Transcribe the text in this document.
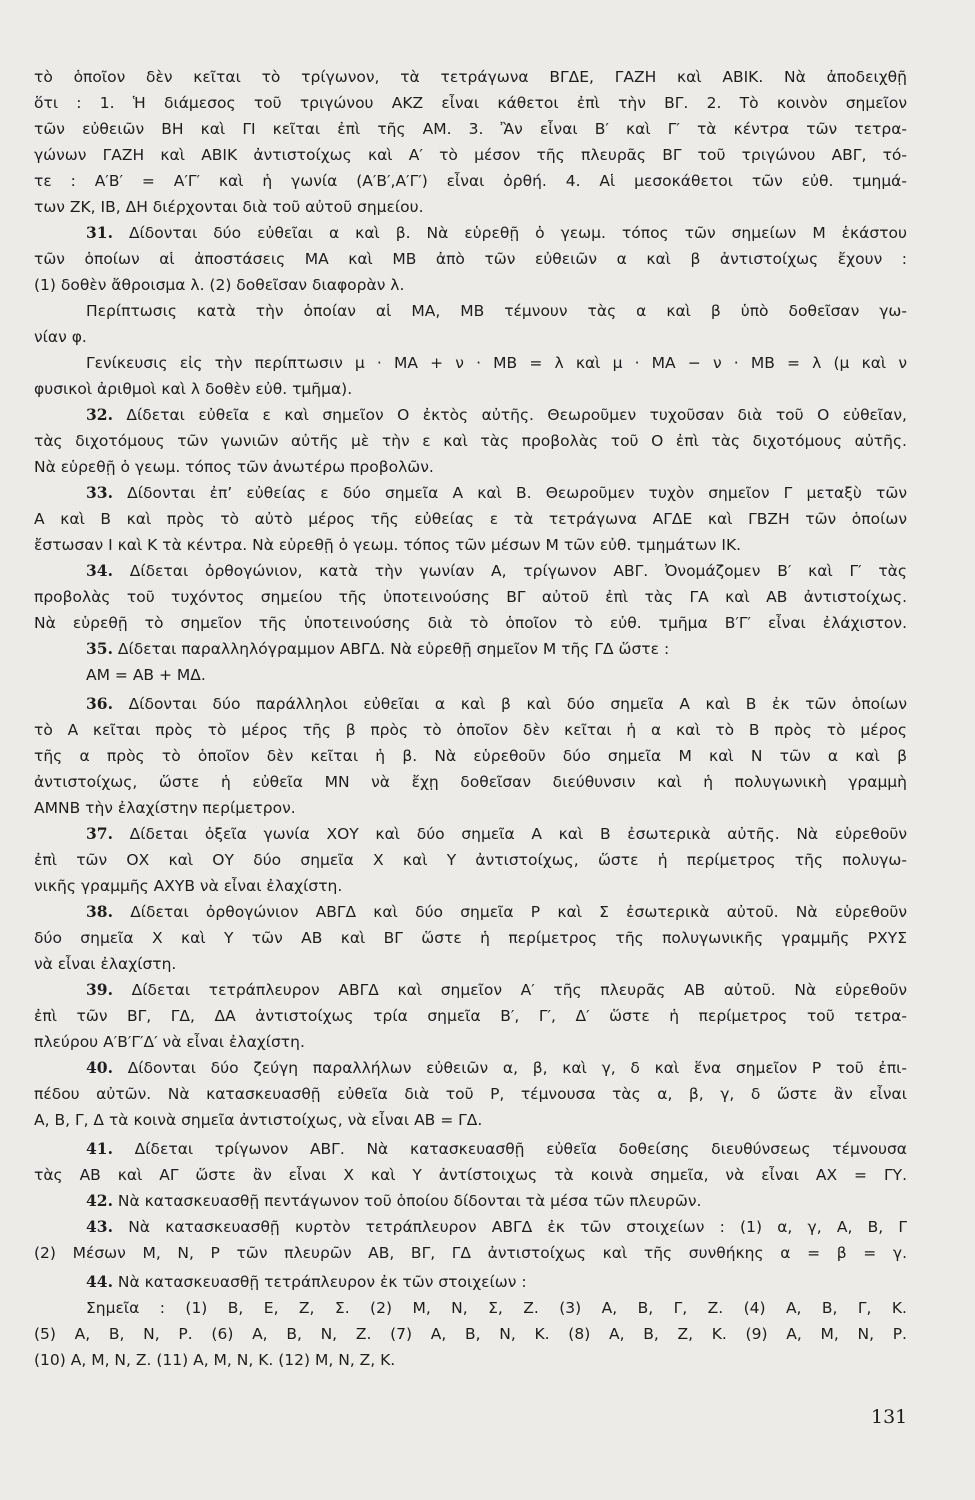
τὸ ὁποῖον δὲν κεῖται τὸ τρίγωνον, τὰ τετράγωνα ΒΓΔΕ, ΓΑΖΗ καὶ ΑΒΙΚ. Νὰ ἀποδειχθῇ
ὅτι : 1. Ἡ διάμεσος τοῦ τριγώνου ΑΚΖ εἶναι κάθετοι ἐπὶ τὴν ΒΓ. 2. Τὸ κοινὸν σημεῖον
τῶν εὐθειῶν ΒΗ καὶ ΓΙ κεῖται ἐπὶ τῆς ΑΜ. 3. Ἂν εἶναι Β′ καὶ Γ′ τὰ κέντρα τῶν τετρα-
γώνων ΓΑΖΗ καὶ ΑΒΙΚ ἀντιστοίχως καὶ Α′ τὸ μέσον τῆς πλευρᾶς ΒΓ τοῦ τριγώνου ΑΒΓ, τό-
τε : Α′Β′ = Α′Γ′ καὶ ἡ γωνία (Α′Β′,Α′Γ′) εἶναι ὀρθή. 4. Αἱ μεσοκάθετοι τῶν εὐθ. τμημά-
των ΖΚ, ΙΒ, ΔΗ διέρχονται διὰ τοῦ αὐτοῦ σημείου.
31. Δίδονται δύο εὐθεῖαι α καὶ β. Νὰ εὑρεθῇ ὁ γεωμ. τόπος τῶν σημείων Μ ἑκάστου
τῶν ὁποίων αἱ ἀποστάσεις ΜΑ καὶ ΜΒ ἀπὸ τῶν εὐθειῶν α καὶ β ἀντιστοίχως ἔχουν :
(1) δοθὲν ἄθροισμα λ. (2) δοθεῖσαν διαφορὰν λ.
Περίπτωσις κατὰ τὴν ὁποίαν αἱ ΜΑ, ΜΒ τέμνουν τὰς α καὶ β ὑπὸ δοθεῖσαν γω-
νίαν φ.
Γενίκευσις εἰς τὴν περίπτωσιν μ · ΜΑ + ν · ΜΒ = λ καὶ μ · ΜΑ − ν · ΜΒ = λ (μ καὶ ν
φυσικοὶ ἀριθμοὶ καὶ λ δοθὲν εὐθ. τμῆμα).
32. Δίδεται εὐθεῖα ε καὶ σημεῖον Ο ἐκτὸς αὐτῆς. Θεωροῦμεν τυχοῦσαν διὰ τοῦ Ο εὐθεῖαν,
τὰς διχοτόμους τῶν γωνιῶν αὐτῆς μὲ τὴν ε καὶ τὰς προβολὰς τοῦ Ο ἐπὶ τὰς διχοτόμους αὐτῆς.
Νὰ εὑρεθῇ ὁ γεωμ. τόπος τῶν ἀνωτέρω προβολῶν.
33. Δίδονται ἐπ’ εὐθείας ε δύο σημεῖα Α καὶ Β. Θεωροῦμεν τυχὸν σημεῖον Γ μεταξὺ τῶν
Α καὶ Β καὶ πρὸς τὸ αὐτὸ μέρος τῆς εὐθείας ε τὰ τετράγωνα ΑΓΔΕ καὶ ΓΒΖΗ τῶν ὁποίων
ἔστωσαν Ι καὶ Κ τὰ κέντρα. Νὰ εὑρεθῇ ὁ γεωμ. τόπος τῶν μέσων Μ τῶν εὐθ. τμημάτων ΙΚ.
34. Δίδεται ὀρθογώνιον, κατὰ τὴν γωνίαν Α, τρίγωνον ΑΒΓ. Ὀνομάζομεν Β′ καὶ Γ′ τὰς
προβολὰς τοῦ τυχόντος σημείου τῆς ὑποτεινούσης ΒΓ αὐτοῦ ἐπὶ τὰς ΓΑ καὶ ΑΒ ἀντιστοίχως.
Νὰ εὑρεθῇ τὸ σημεῖον τῆς ὑποτεινούσης διὰ τὸ ὁποῖον τὸ εὐθ. τμῆμα Β′Γ′ εἶναι ἐλάχιστον.
35. Δίδεται παραλληλόγραμμον ΑΒΓΔ. Νὰ εὑρεθῇ σημεῖον Μ τῆς ΓΔ ὥστε :
ΑΜ = ΑΒ + ΜΔ.
36. Δίδονται δύο παράλληλοι εὐθεῖαι α καὶ β καὶ δύο σημεῖα Α καὶ Β ἐκ τῶν ὁποίων
τὸ Α κεῖται πρὸς τὸ μέρος τῆς β πρὸς τὸ ὁποῖον δὲν κεῖται ἡ α καὶ τὸ Β πρὸς τὸ μέρος
τῆς α πρὸς τὸ ὁποῖον δὲν κεῖται ἡ β. Νὰ εὑρεθοῦν δύο σημεῖα Μ καὶ Ν τῶν α καὶ β
ἀντιστοίχως, ὥστε ἡ εὐθεῖα ΜΝ νὰ ἔχῃ δοθεῖσαν διεύθυνσιν καὶ ἡ πολυγωνικὴ γραμμὴ
ΑΜΝΒ τὴν ἐλαχίστην περίμετρον.
37. Δίδεται ὀξεῖα γωνία ΧΟΥ καὶ δύο σημεῖα Α καὶ Β ἐσωτερικὰ αὐτῆς. Νὰ εὑρεθοῦν
ἐπὶ τῶν ΟΧ καὶ ΟΥ δύο σημεῖα Χ καὶ Υ ἀντιστοίχως, ὥστε ἡ περίμετρος τῆς πολυγω-
νικῆς γραμμῆς ΑΧΥΒ νὰ εἶναι ἐλαχίστη.
38. Δίδεται ὀρθογώνιον ΑΒΓΔ καὶ δύο σημεῖα Ρ καὶ Σ ἐσωτερικὰ αὐτοῦ. Νὰ εὑρεθοῦν
δύο σημεῖα Χ καὶ Υ τῶν ΑΒ καὶ ΒΓ ὥστε ἡ περίμετρος τῆς πολυγωνικῆς γραμμῆς ΡΧΥΣ
νὰ εἶναι ἐλαχίστη.
39. Δίδεται τετράπλευρον ΑΒΓΔ καὶ σημεῖον Α′ τῆς πλευρᾶς ΑΒ αὐτοῦ. Νὰ εὑρεθοῦν
ἐπὶ τῶν ΒΓ, ΓΔ, ΔΑ ἀντιστοίχως τρία σημεῖα Β′, Γ′, Δ′ ὥστε ἡ περίμετρος τοῦ τετρα-
πλεύρου Α′Β′Γ′Δ′ νὰ εἶναι ἐλαχίστη.
40. Δίδονται δύο ζεύγη παραλλήλων εὐθειῶν α, β, καὶ γ, δ καὶ ἕνα σημεῖον Ρ τοῦ ἐπι-
πέδου αὐτῶν. Νὰ κατασκευασθῇ εὐθεῖα διὰ τοῦ Ρ, τέμνουσα τὰς α, β, γ, δ ὥστε ἂν εἶναι
Α, Β, Γ, Δ τὰ κοινὰ σημεῖα ἀντιστοίχως, νὰ εἶναι ΑΒ = ΓΔ.
41. Δίδεται τρίγωνον ΑΒΓ. Νὰ κατασκευασθῇ εὐθεῖα δοθείσης διευθύνσεως τέμνουσα
τὰς ΑΒ καὶ ΑΓ ὥστε ἂν εἶναι Χ καὶ Υ ἀντίστοιχως τὰ κοινὰ σημεῖα, νὰ εἶναι ΑΧ = ΓΥ.
42. Νὰ κατασκευασθῇ πεντάγωνον τοῦ ὁποίου δίδονται τὰ μέσα τῶν πλευρῶν.
43. Νὰ κατασκευασθῇ κυρτὸν τετράπλευρον ΑΒΓΔ ἐκ τῶν στοιχείων : (1) α, γ, Α, Β, Γ
(2) Μέσων Μ, Ν, Ρ τῶν πλευρῶν ΑΒ, ΒΓ, ΓΔ ἀντιστοίχως καὶ τῆς συνθήκης α = β = γ.
44. Νὰ κατασκευασθῇ τετράπλευρον ἐκ τῶν στοιχείων :
Σημεῖα : (1) Β, Ε, Ζ, Σ. (2) Μ, Ν, Σ, Ζ. (3) Α, Β, Γ, Ζ. (4) Α, Β, Γ, Κ.
(5) Α, Β, Ν, Ρ. (6) Α, Β, Ν, Ζ. (7) Α, Β, Ν, Κ. (8) Α, Β, Ζ, Κ. (9) Α, Μ, Ν, Ρ.
(10) Α, Μ, Ν, Ζ. (11) Α, Μ, Ν, Κ. (12) Μ, Ν, Ζ, Κ.
131
